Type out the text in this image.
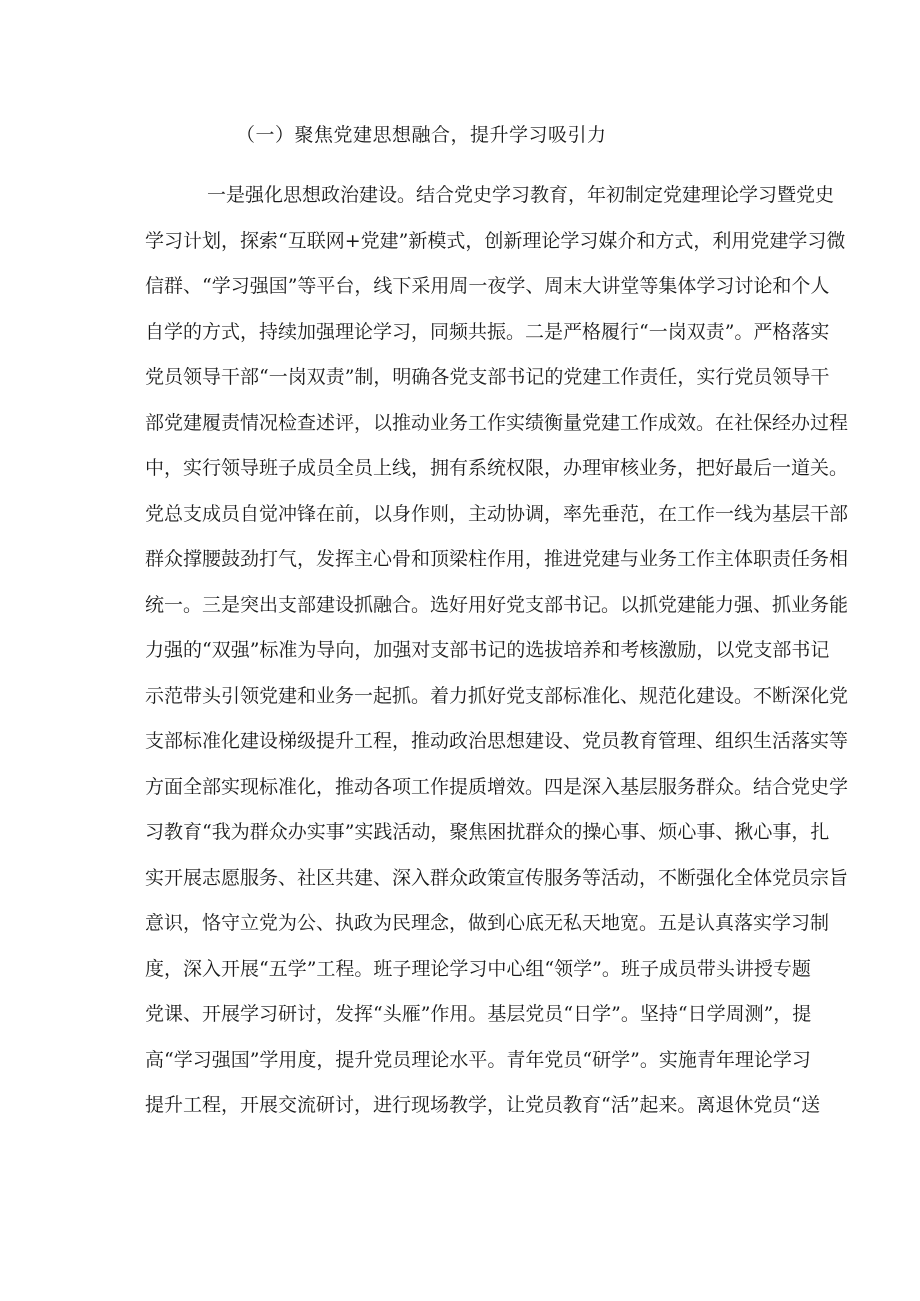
（一）聚焦党建思想融合，提升学习吸引力
一是强化思想政治建设。结合党史学习教育，年初制定党建理论学习暨党史
学习计划，探索“互联网+党建”新模式，创新理论学习媒介和方式，利用党建学习微
信群、“学习强国”等平台，线下采用周一夜学、周末大讲堂等集体学习讨论和个人
自学的方式，持续加强理论学习，同频共振。二是严格履行“一岗双责”。严格落实
党员领导干部“一岗双责”制，明确各党支部书记的党建工作责任，实行党员领导干
部党建履责情况检查述评，以推动业务工作实绩衡量党建工作成效。在社保经办过程
中，实行领导班子成员全员上线，拥有系统权限，办理审核业务，把好最后一道关。
党总支成员自觉冲锋在前，以身作则，主动协调，率先垂范，在工作一线为基层干部
群众撑腰鼓劲打气，发挥主心骨和顶梁柱作用，推进党建与业务工作主体职责任务相
统一。三是突出支部建设抓融合。选好用好党支部书记。以抓党建能力强、抓业务能
力强的“双强”标准为导向，加强对支部书记的选拔培养和考核激励，以党支部书记
示范带头引领党建和业务一起抓。着力抓好党支部标准化、规范化建设。不断深化党
支部标准化建设梯级提升工程，推动政治思想建设、党员教育管理、组织生活落实等
方面全部实现标准化，推动各项工作提质增效。四是深入基层服务群众。结合党史学
习教育“我为群众办实事”实践活动，聚焦困扰群众的操心事、烦心事、揪心事，扎
实开展志愿服务、社区共建、深入群众政策宣传服务等活动，不断强化全体党员宗旨
意识，恪守立党为公、执政为民理念，做到心底无私天地宽。五是认真落实学习制
度，深入开展“五学”工程。班子理论学习中心组“领学”。班子成员带头讲授专题
党课、开展学习研讨，发挥“头雁”作用。基层党员“日学”。坚持“日学周测”，提
高“学习强国”学用度，提升党员理论水平。青年党员“研学”。实施青年理论学习
提升工程，开展交流研讨，进行现场教学，让党员教育“活”起来。离退休党员“送
